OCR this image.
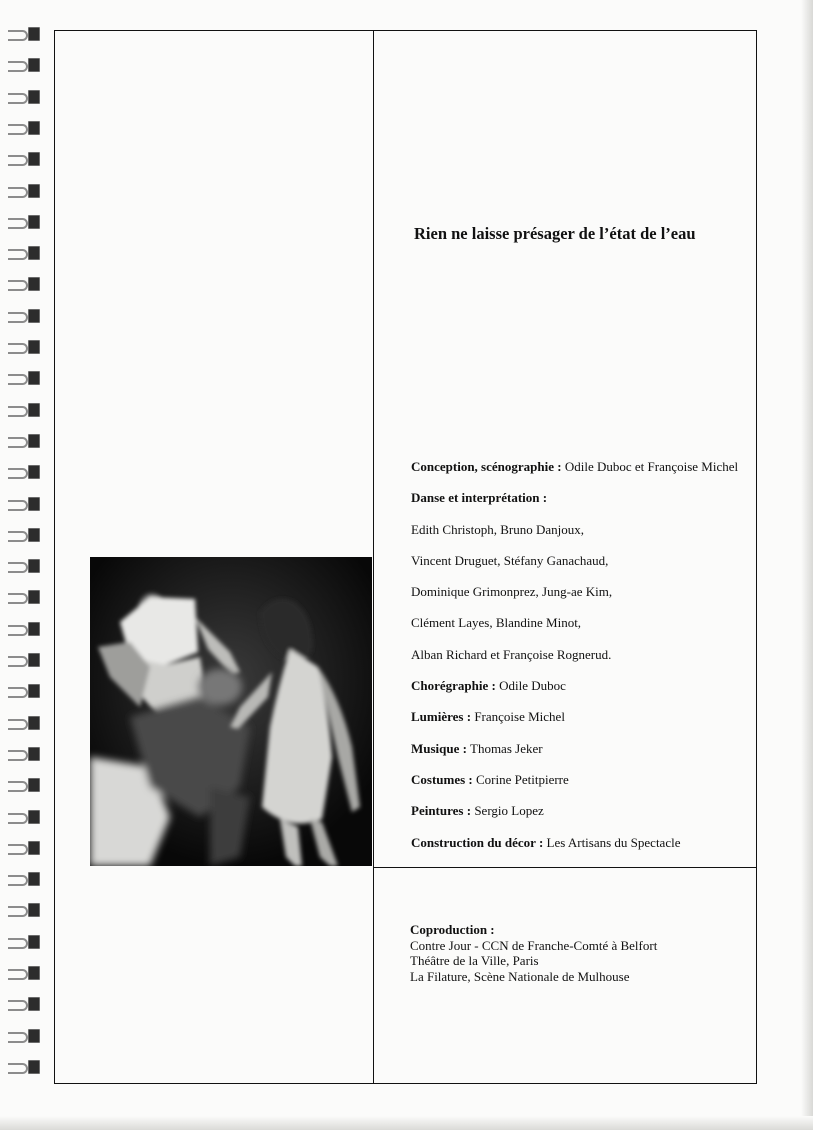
Rien ne laisse présager de l’état de l’eau
Conception, scénographie : Odile Duboc et Françoise Michel
Danse et interprétation :
Edith Christoph, Bruno Danjoux,
Vincent Druguet, Stéfany Ganachaud,
Dominique Grimonprez, Jung-ae Kim,
Clément Layes, Blandine Minot,
Alban Richard et Françoise Rognerud.
Chorégraphie : Odile Duboc
Lumières : Françoise Michel
Musique : Thomas Jeker
Costumes : Corine Petitpierre
Peintures : Sergio Lopez
Construction du décor : Les Artisans du Spectacle
Coproduction :
Contre Jour - CCN de Franche-Comté à Belfort
Théâtre de la Ville, Paris
La Filature, Scène Nationale de Mulhouse
